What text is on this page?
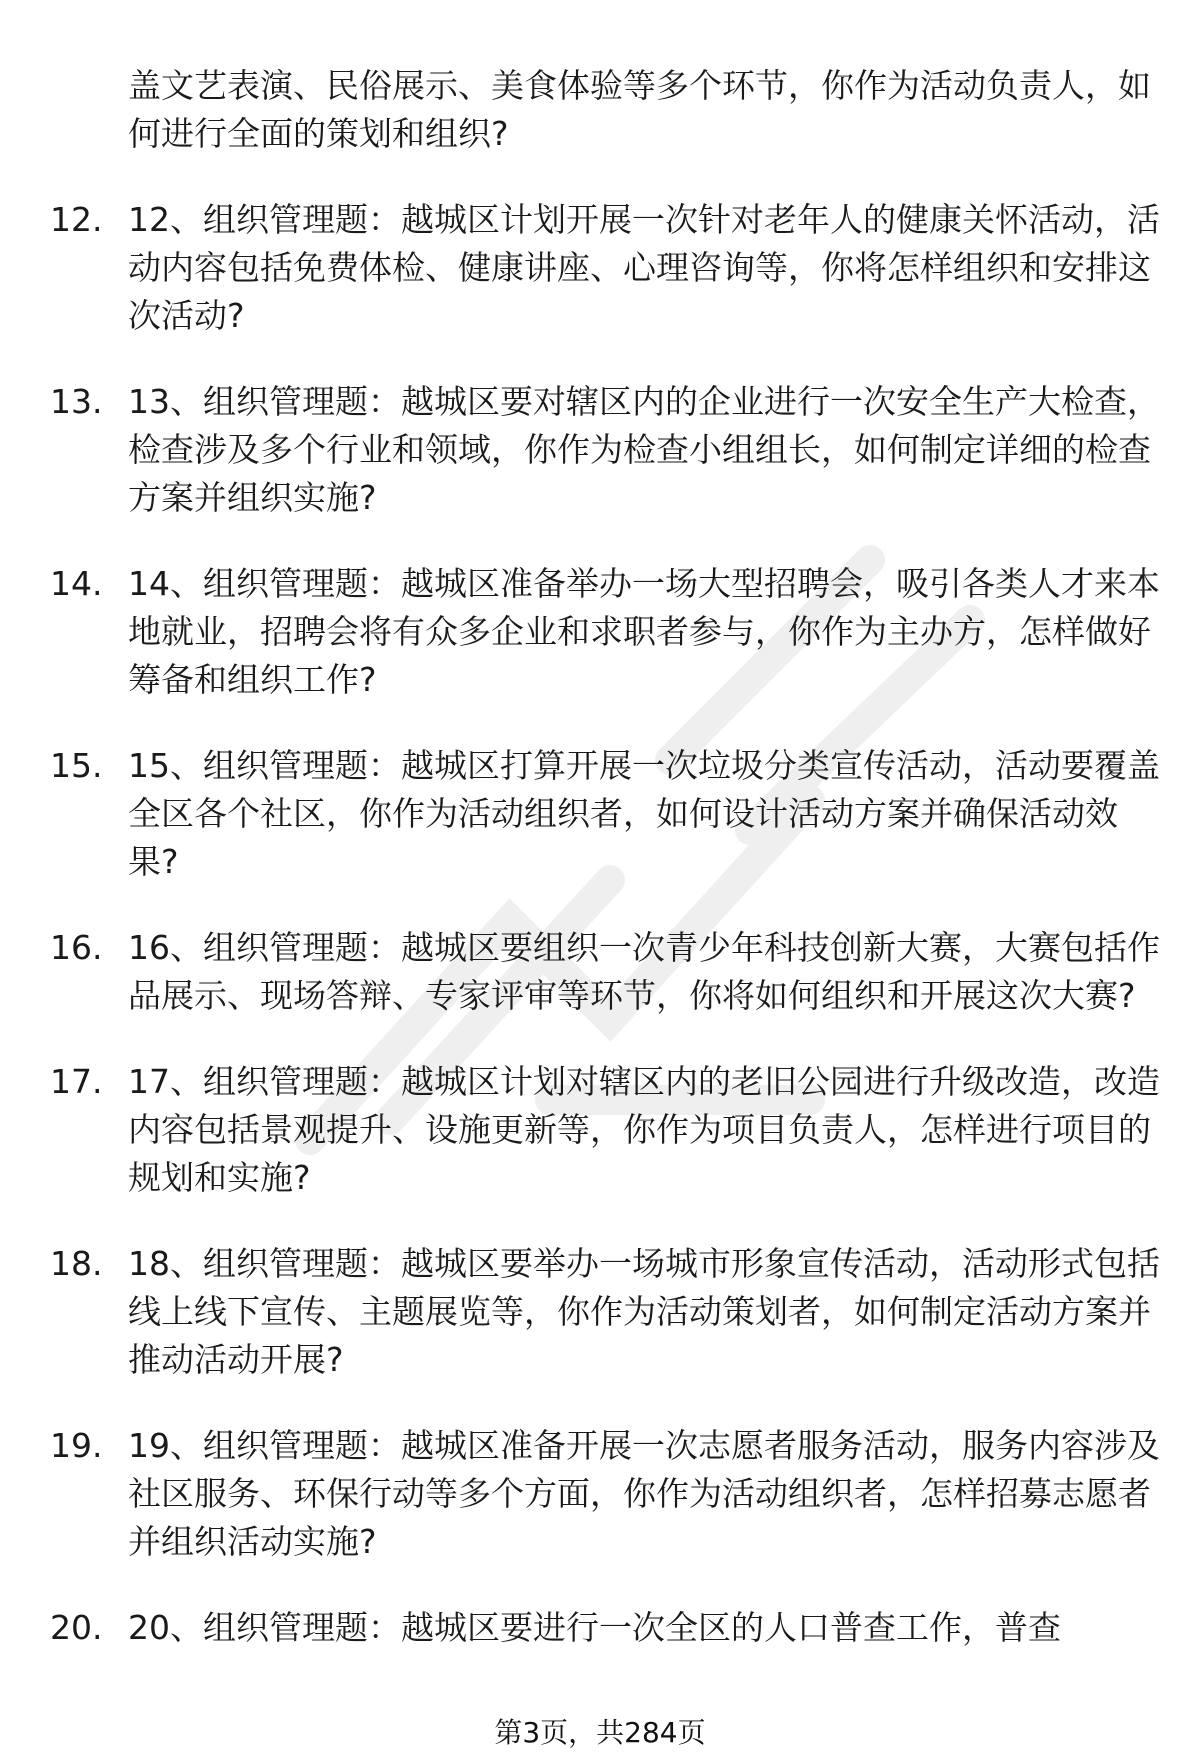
盖文艺表演、民俗展示、美食体验等多个环节，你作为活动负责人，如何进行全面的策划和组织?
12. 12、组织管理题：越城区计划开展一次针对老年人的健康关怀活动，活动内容包括免费体检、健康讲座、心理咨询等，你将怎样组织和安排这次活动?
13. 13、组织管理题：越城区要对辖区内的企业进行一次安全生产大检查，检查涉及多个行业和领域，你作为检查小组组长，如何制定详细的检查方案并组织实施?
14. 14、组织管理题：越城区准备举办一场大型招聘会，吸引各类人才来本地就业，招聘会将有众多企业和求职者参与，你作为主办方，怎样做好筹备和组织工作?
15. 15、组织管理题：越城区打算开展一次垃圾分类宣传活动，活动要覆盖全区各个社区，你作为活动组织者，如何设计活动方案并确保活动效果?
16. 16、组织管理题：越城区要组织一次青少年科技创新大赛，大赛包括作品展示、现场答辩、专家评审等环节，你将如何组织和开展这次大赛?
17. 17、组织管理题：越城区计划对辖区内的老旧公园进行升级改造，改造内容包括景观提升、设施更新等，你作为项目负责人，怎样进行项目的规划和实施?
18. 18、组织管理题：越城区要举办一场城市形象宣传活动，活动形式包括线上线下宣传、主题展览等，你作为活动策划者，如何制定活动方案并推动活动开展?
19. 19、组织管理题：越城区准备开展一次志愿者服务活动，服务内容涉及社区服务、环保行动等多个方面，你作为活动组织者，怎样招募志愿者并组织活动实施?
20. 20、组织管理题：越城区要进行一次全区的人口普查工作，普查
第3页，共284页
